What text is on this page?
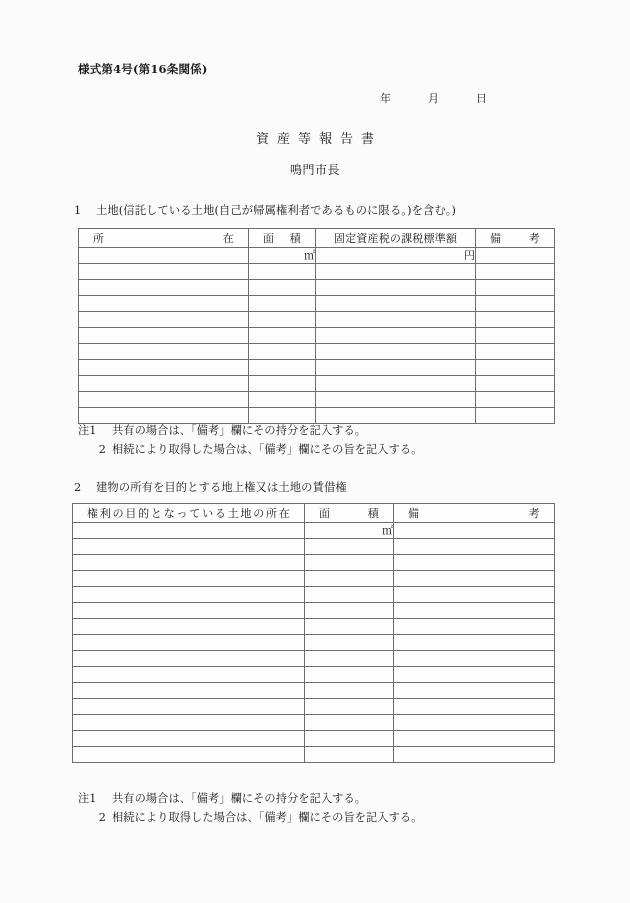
様式第4号(第16条関係)
年	月	日
資産等報告書
鳴門市長
1 土地(信託している土地(自己が帰属権利者であるものに限る。)を含む。)
所在	面積	固定資産税の課税標準額	備考

	㎡	円	

注1 共有の場合は、「備考」欄にその持分を記入する。
2 相続により取得した場合は、「備考」欄にその旨を記入する。
2 建物の所有を目的とする地上権又は土地の賃借権
権利の目的となっている土地の所在	面積	備考

	㎡	

注1 共有の場合は、「備考」欄にその持分を記入する。
2 相続により取得した場合は、「備考」欄にその旨を記入する。
